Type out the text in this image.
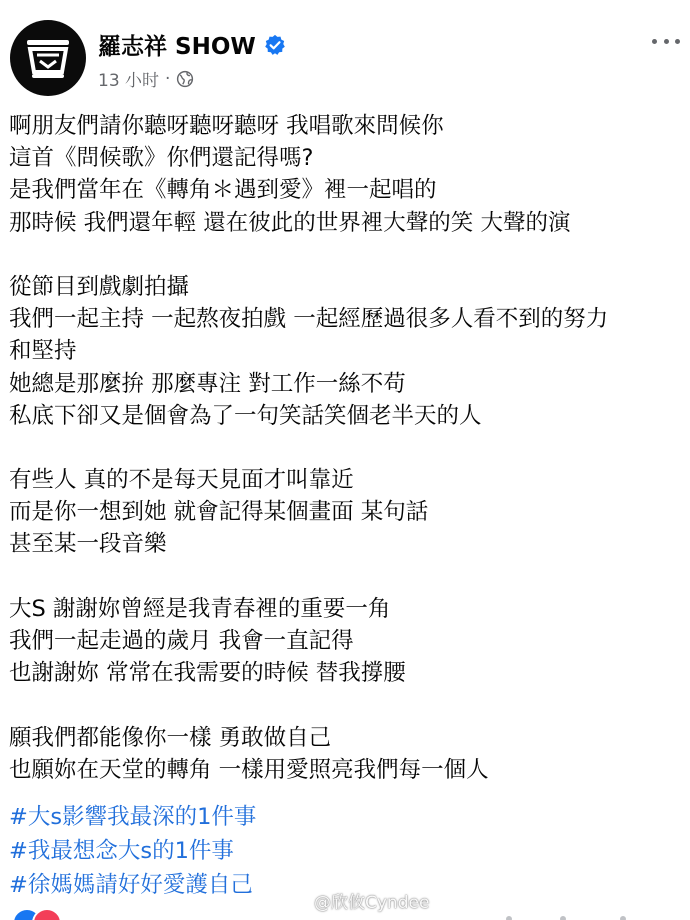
羅志祥 SHOW
13 小时 ·
啊朋友們請你聽呀聽呀聽呀 我唱歌來問候你
這首《問候歌》你們還記得嗎?
是我們當年在《轉角＊遇到愛》裡一起唱的
那時候 我們還年輕 還在彼此的世界裡大聲的笑 大聲的演
從節目到戲劇拍攝
我們一起主持 一起熬夜拍戲 一起經歷過很多人看不到的努力
和堅持
她總是那麼拚 那麼專注 對工作一絲不苟
私底下卻又是個會為了一句笑話笑個老半天的人
有些人 真的不是每天見面才叫靠近
而是你一想到她 就會記得某個畫面 某句話
甚至某一段音樂
大S 謝謝妳曾經是我青春裡的重要一角
我們一起走過的歲月 我會一直記得
也謝謝妳 常常在我需要的時候 替我撐腰
願我們都能像你一樣 勇敢做自己
也願妳在天堂的轉角 一樣用愛照亮我們每一個人
#大s影響我最深的1件事
#我最想念大s的1件事
#徐媽媽請好好愛護自己
@欣攸Cyndee
